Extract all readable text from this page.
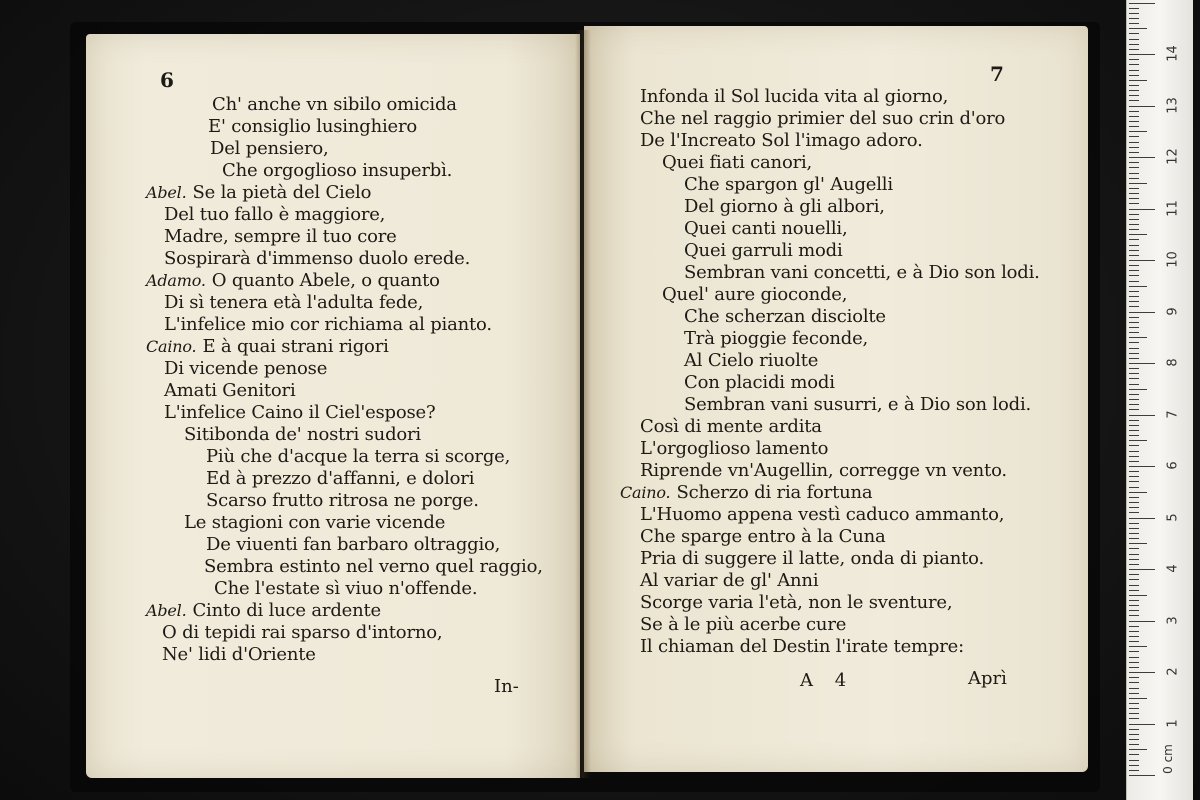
6
Ch' anche vn sibilo omicida
E' consiglio lusinghiero
Del pensiero,
Che orgoglioso insuperbì.
Abel. Se la pietà del Cielo
Del tuo fallo è maggiore,
Madre, sempre il tuo core
Sospirarà d'immenso duolo erede.
Adamo. O quanto Abele, o quanto
Di sì tenera età l'adulta fede,
L'infelice mio cor richiama al pianto.
Caino. E à quai strani rigori
Di vicende penose
Amati Genitori
L'infelice Caino il Ciel'espose?
Sitibonda de' nostri sudori
Più che d'acque la terra si scorge,
Ed à prezzo d'affanni, e dolori
Scarso frutto ritrosa ne porge.
Le stagioni con varie vicende
De viuenti fan barbaro oltraggio,
Sembra estinto nel verno quel raggio,
Che l'estate sì viuo n'offende.
Abel. Cinto di luce ardente
O di tepidi rai sparso d'intorno,
Ne' lidi d'Oriente
In-
7
Infonda il Sol lucida vita al giorno,
Che nel raggio primier del suo crin d'oro
De l'Increato Sol l'imago adoro.
Quei fiati canori,
Che spargon gl' Augelli
Del giorno à gli albori,
Quei canti nouelli,
Quei garruli modi
Sembran vani concetti, e à Dio son lodi.
Quel' aure gioconde,
Che scherzan disciolte
Trà pioggie feconde,
Al Cielo riuolte
Con placidi modi
Sembran vani susurri, e à Dio son lodi.
Così di mente ardita
L'orgoglioso lamento
Riprende vn'Augellin, corregge vn vento.
Caino. Scherzo di ria fortuna
L'Huomo appena vestì caduco ammanto,
Che sparge entro à la Cuna
Pria di suggere il latte, onda di pianto.
Al variar de gl' Anni
Scorge varia l'età, non le sventure,
Se à le più acerbe cure
Il chiaman del Destin l'irate tempre:
A 4	Aprì
1
2
3
4
5
6
7
8
9
10
11
12
13
14
0 cm
